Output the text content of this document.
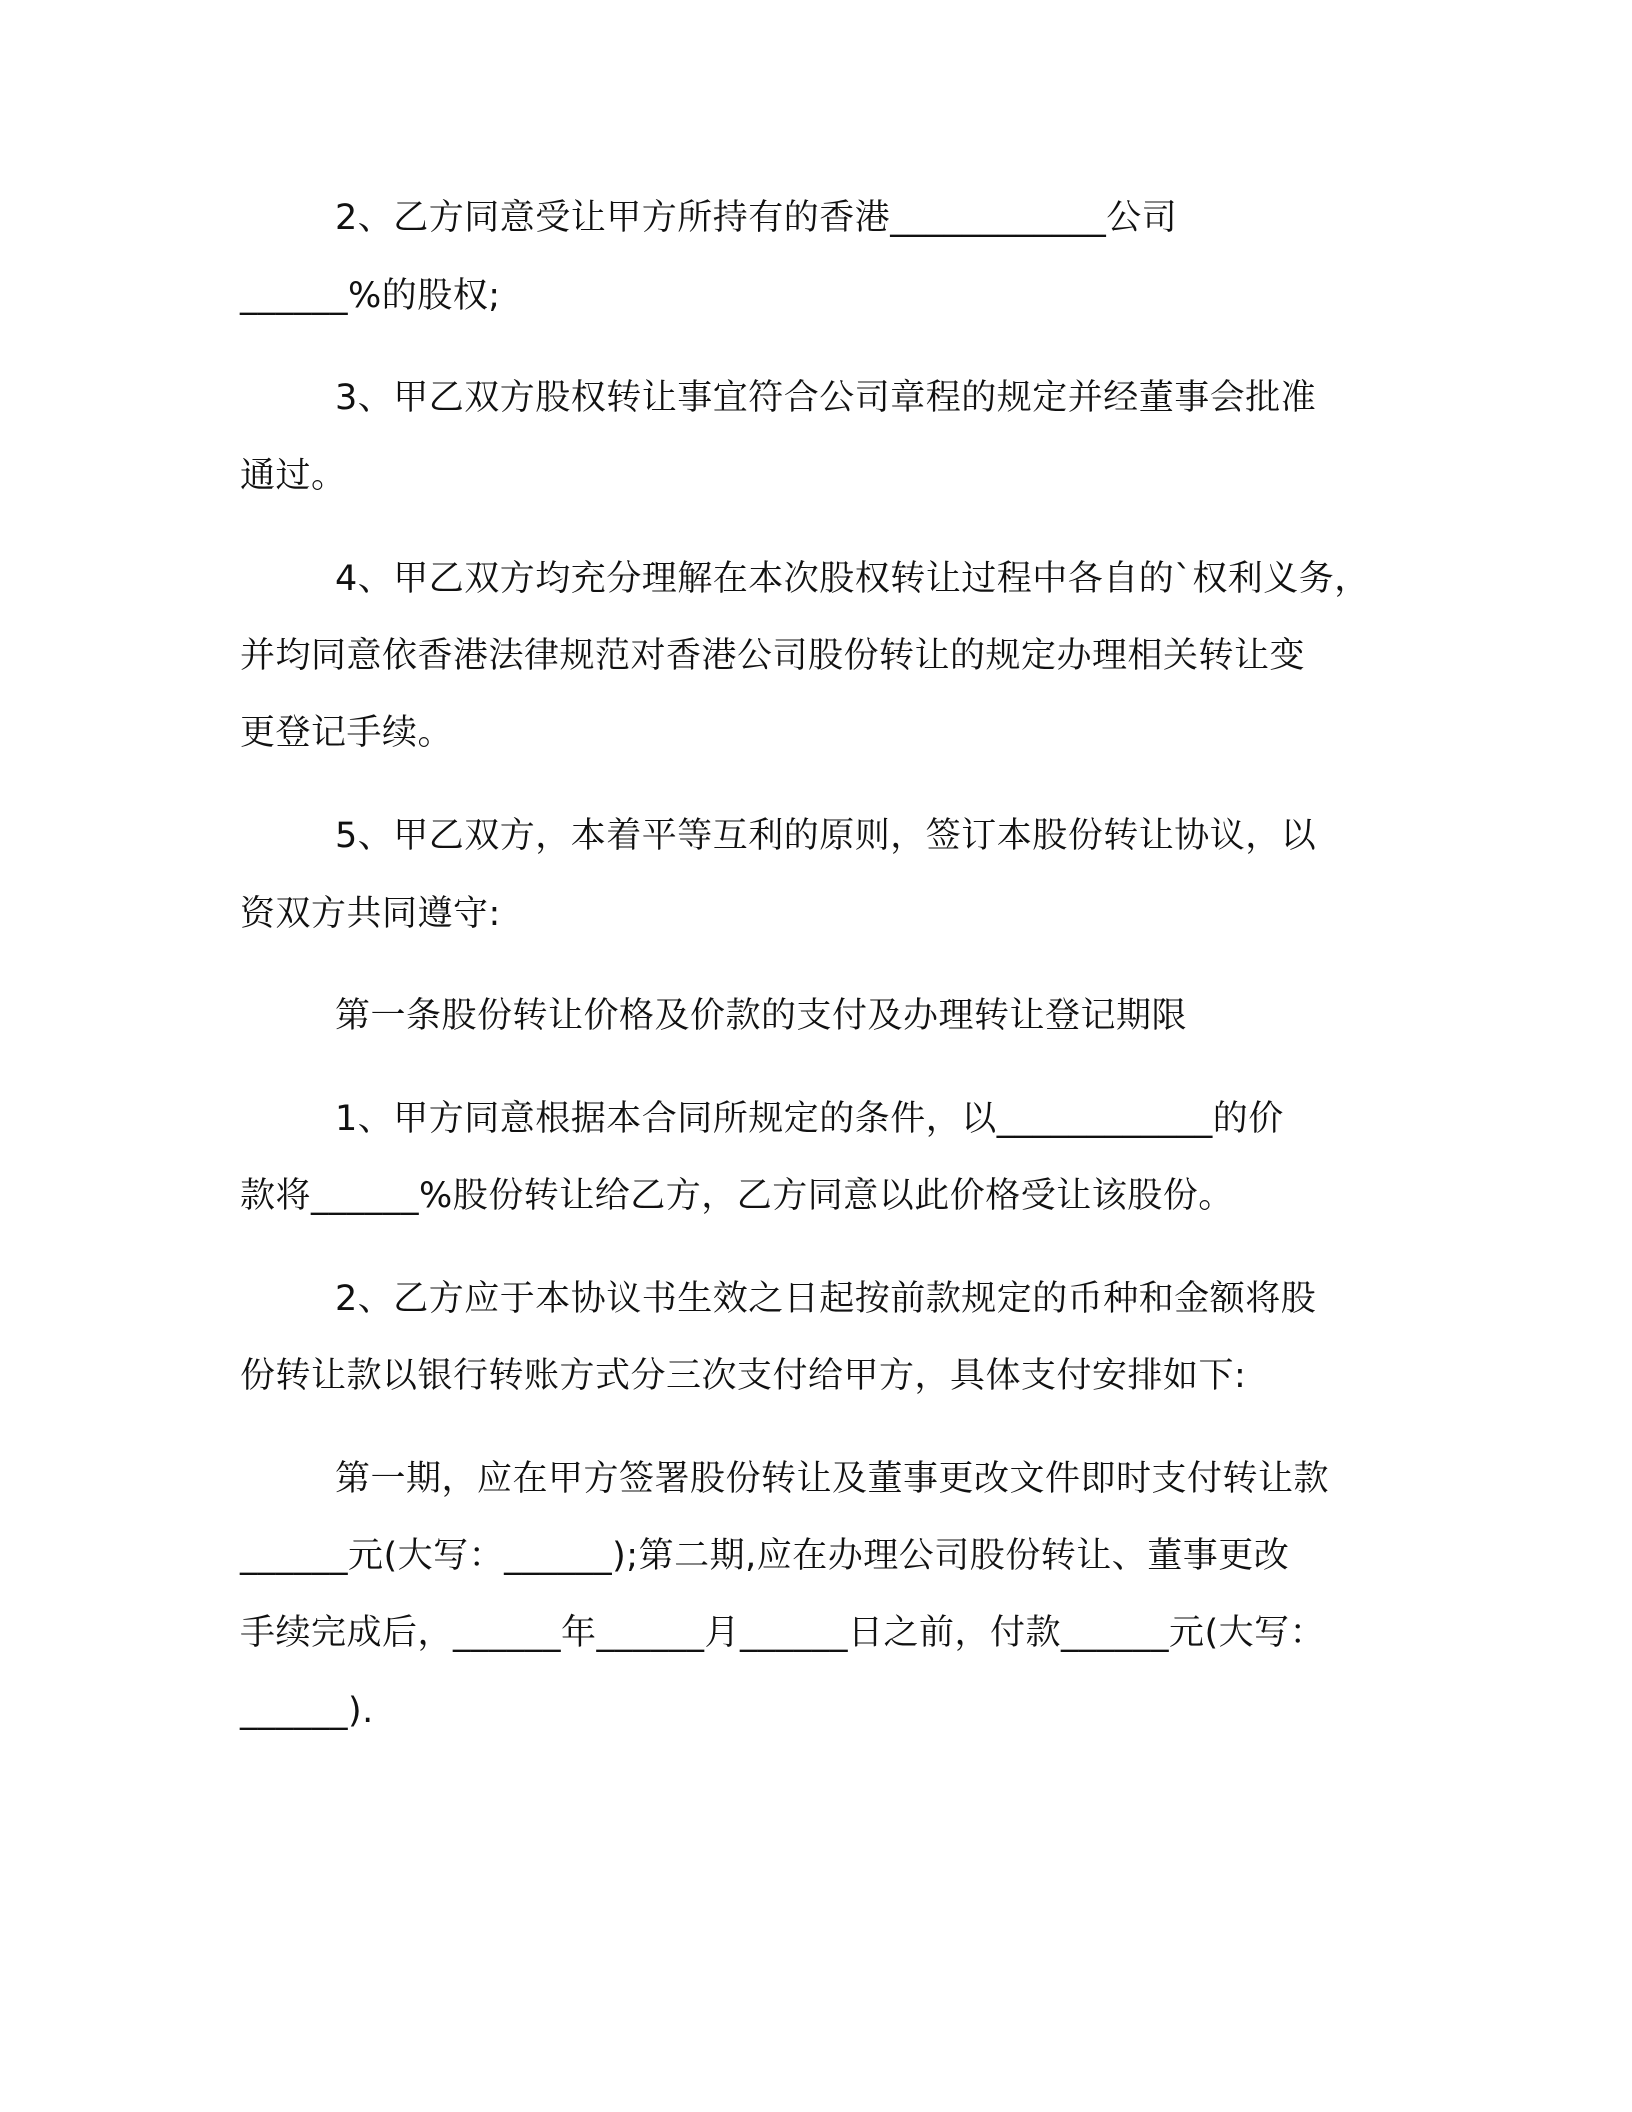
2、乙方同意受让甲方所持有的香港____________公司
______%的股权;
3、甲乙双方股权转让事宜符合公司章程的规定并经董事会批准
通过。
4、甲乙双方均充分理解在本次股权转让过程中各自的`权利义务，
并均同意依香港法律规范对香港公司股份转让的规定办理相关转让变
更登记手续。
5、甲乙双方，本着平等互利的原则，签订本股份转让协议，以
资双方共同遵守:
第一条股份转让价格及价款的支付及办理转让登记期限
1、甲方同意根据本合同所规定的条件，以____________的价
款将______%股份转让给乙方，乙方同意以此价格受让该股份。
2、乙方应于本协议书生效之日起按前款规定的币种和金额将股
份转让款以银行转账方式分三次支付给甲方，具体支付安排如下:
第一期，应在甲方签署股份转让及董事更改文件即时支付转让款
______元(大写：______);第二期,应在办理公司股份转让、董事更改
手续完成后，______年______月______日之前，付款______元(大写：
______).
